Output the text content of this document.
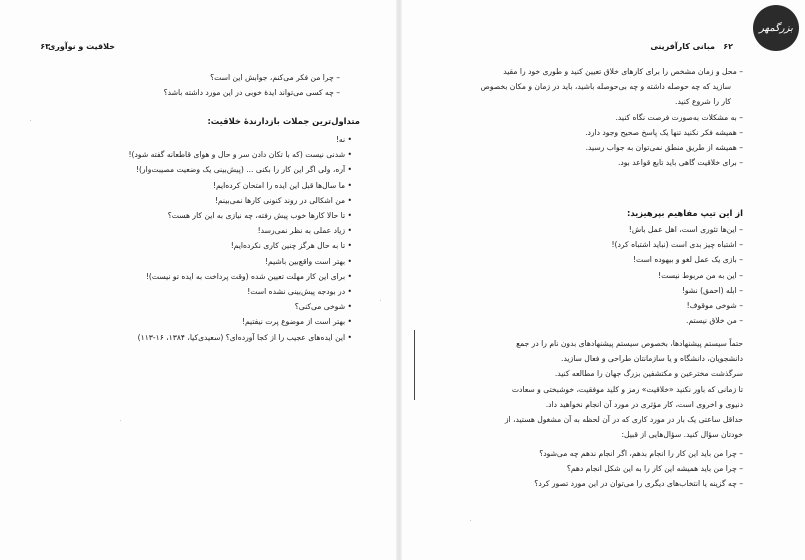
خلاقیت و نوآوری
۶۳
– چرا من فکر می‌کنم، جوابش این است؟
– چه کسی می‌تواند ایدهٔ خوبی در این مورد داشته باشد؟
متداول‌ترین جملات بازدارندهٔ خلاقیت:
• نه!
• شدنی نیست (که با تکان دادن سر و حال و هوای قاطعانه گفته شود)!
• آره، ولی اگر این کار را بکنی ... (پیش‌بینی یک وضعیت مصیبت‌وار)!
• ما سال‌ها قبل این ایده را امتحان کرده‌ایم!
• من اشکالی در روند کنونی کارها نمی‌بینم!
• تا حالا کارها خوب پیش رفته، چه نیازی به این کار هست؟
• زیاد عملی به نظر نمی‌رسد!
• تا به حال هرگز چنین کاری نکرده‌ایم!
• بهتر است واقع‌بین باشیم!
• برای این کار مهلت تعیین شده (وقت پرداخت به ایده تو نیست)!
• در بودجه پیش‌بینی نشده است!
• شوخی می‌کنی؟
• بهتر است از موضوع پرت نیفتیم!
• این ایده‌های عجیب را از کجا آورده‌ای؟ (سعیدی‌کیا، ۱۳۸۴، ۱۶-۱۱۳)
۶۲
مبانی کارآفرینی
– محل و زمان مشخص را برای کارهای خلاق تعیین کنید و طوری خود را مقید
سازید که چه حوصله داشته و چه بی‌حوصله باشید، باید در زمان و مکان بخصوص
کار را شروع کنید.
– به مشکلات به‌صورت فرصت نگاه کنید.
– همیشه فکر نکنید تنها یک پاسخ صحیح وجود دارد.
– همیشه از طریق منطق نمی‌توان به جواب رسید.
– برای خلاقیت گاهی باید تابع قواعد بود.
از این تیپ مفاهیم بپرهیزید:
– این‌ها تئوری است، اهل عمل باش!
– اشتباه چیز بدی است (نباید اشتباه کرد)!
– بازی یک عمل لغو و بیهوده است!
– این به من مربوط نیست!
– ابله (احمق) نشو!
– شوخی موقوف!
– من خلاق نیستم.
حتماً سیستم پیشنهادها، بخصوص سیستم پیشنهادهای بدون نام را در جمع
دانشجویان، دانشگاه و یا سازمانتان طراحی و فعال سازید.
سرگذشت مخترعین و مکتشفین بزرگ جهان را مطالعه کنید.
تا زمانی که باور نکنید «خلاقیت» رمز و کلید موفقیت، خوشبختی و سعادت
دنیوی و اخروی است، کار مؤثری در مورد آن انجام نخواهید داد.
حداقل ساعتی یک بار در مورد کاری که در آن لحظه به آن مشغول هستید، از
خودتان سؤال کنید. سؤال‌هایی از قبیل:
– چرا من باید این کار را انجام بدهم، اگر انجام ندهم چه می‌شود؟
– چرا من باید همیشه این کار را به این شکل انجام دهم؟
– چه گزینه یا انتخاب‌های دیگری را می‌توان در این مورد تصور کرد؟
بزرگمهر
